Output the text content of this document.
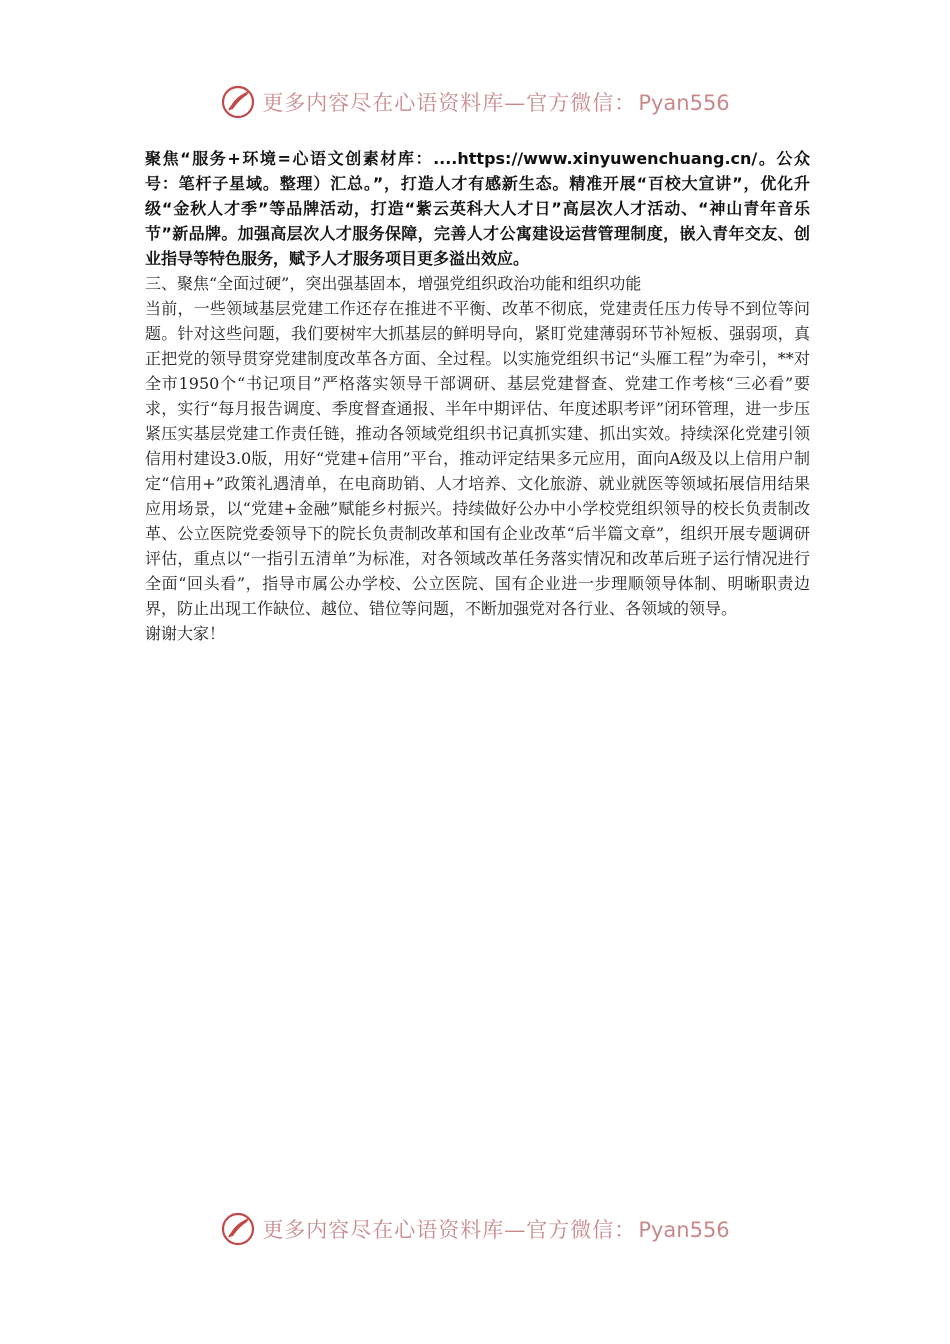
更多内容尽在心语资料库—官方微信：Pyan556
聚焦“服务+环境=心语文创素材库：....https://www.xinyuwenchuang.cn/。公众号：笔杆子星域。整理）汇总。”，打造人才有感新生态。精准开展“百校大宣讲”，优化升级“金秋人才季”等品牌活动，打造“紫云英科大人才日”高层次人才活动、“神山青年音乐节”新品牌。加强高层次人才服务保障，完善人才公寓建设运营管理制度，嵌入青年交友、创业指导等特色服务，赋予人才服务项目更多溢出效应。

三、聚焦“全面过硬”，突出强基固本，增强党组织政治功能和组织功能

当前，一些领域基层党建工作还存在推进不平衡、改革不彻底，党建责任压力传导不到位等问题。针对这些问题，我们要树牢大抓基层的鲜明导向，紧盯党建薄弱环节补短板、强弱项，真正把党的领导贯穿党建制度改革各方面、全过程。以实施党组织书记“头雁工程”为牵引，**对全市1950个“书记项目”严格落实领导干部调研、基层党建督查、党建工作考核“三必看”要求，实行“每月报告调度、季度督查通报、半年中期评估、年度述职考评”闭环管理，进一步压紧压实基层党建工作责任链，推动各领域党组织书记真抓实建、抓出实效。持续深化党建引领信用村建设3.0版，用好“党建+信用”平台，推动评定结果多元应用，面向A级及以上信用户制定“信用+”政策礼遇清单，在电商助销、人才培养、文化旅游、就业就医等领域拓展信用结果应用场景，以“党建+金融”赋能乡村振兴。持续做好公办中小学校党组织领导的校长负责制改革、公立医院党委领导下的院长负责制改革和国有企业改革“后半篇文章”，组织开展专题调研评估，重点以“一指引五清单”为标准，对各领域改革任务落实情况和改革后班子运行情况进行全面“回头看”，指导市属公办学校、公立医院、国有企业进一步理顺领导体制、明晰职责边界，防止出现工作缺位、越位、错位等问题，不断加强党对各行业、各领域的领导。

谢谢大家！

更多内容尽在心语资料库—官方微信：Pyan556
